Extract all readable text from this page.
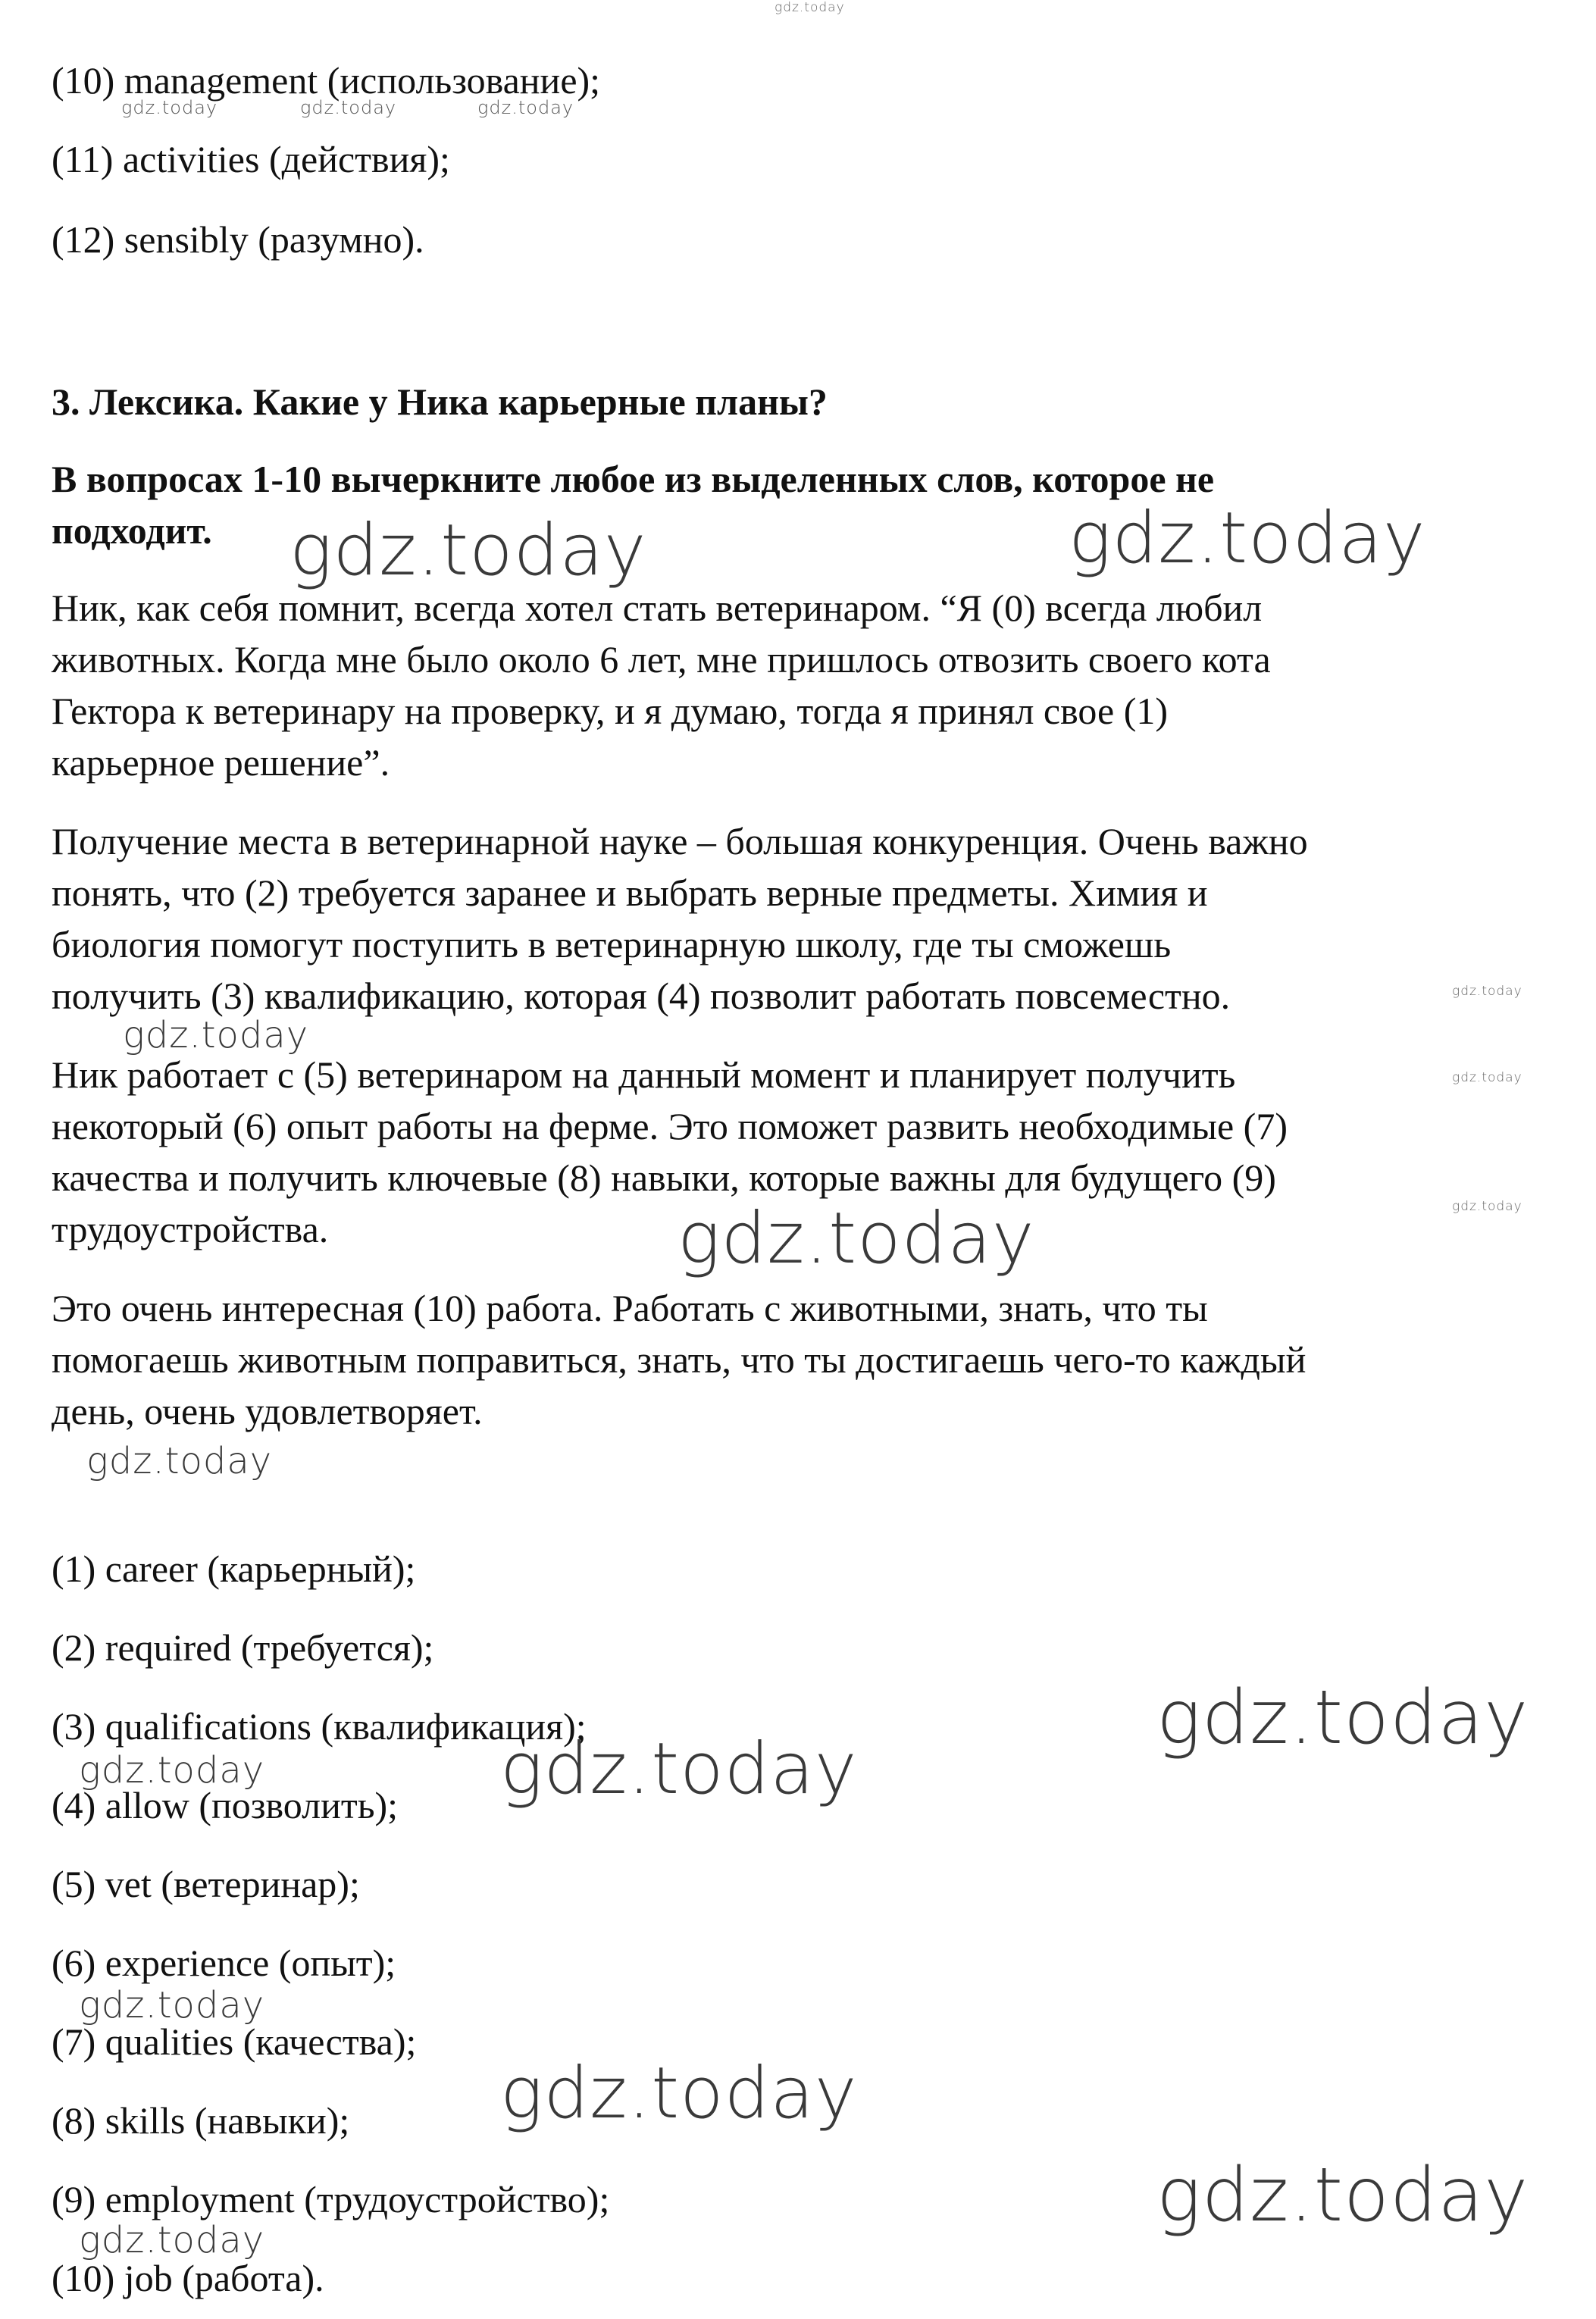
(10) management (использование);

(11) activities (действия);

(12) sensibly (разумно).

3. Лексика. Какие у Ника карьерные планы?

В вопросах 1-10 вычеркните любое из выделенных слов, которое не

подходит.

Ник, как себя помнит, всегда хотел стать ветеринаром. “Я (0) всегда любил

животных. Когда мне было около 6 лет, мне пришлось отвозить своего кота

Гектора к ветеринару на проверку, и я думаю, тогда я принял свое (1)

карьерное решение”.

Получение места в ветеринарной науке – большая конкуренция. Очень важно

понять, что (2) требуется заранее и выбрать верные предметы. Химия и

биология помогут поступить в ветеринарную школу, где ты сможешь

получить (3) квалификацию, которая (4) позволит работать повсеместно.

Ник работает с (5) ветеринаром на данный момент и планирует получить

некоторый (6) опыт работы на ферме. Это поможет развить необходимые (7)

качества и получить ключевые (8) навыки, которые важны для будущего (9)

трудоустройства.

Это очень интересная (10) работа. Работать с животными, знать, что ты

помогаешь животным поправиться, знать, что ты достигаешь чего-то каждый

день, очень удовлетворяет.

(1) career (карьерный);

(2) required (требуется);

(3) qualifications (квалификация);

(4) allow (позволить);

(5) vet (ветеринар);

(6) experience (опыт);

(7) qualities (качества);

(8) skills (навыки);

(9) employment (трудоустройство);

(10) job (работа).

gdz.today
gdz.today	gdz.today	gdz.today
gdz.today	gdz.today
gdz.today
gdz.today
gdz.today
gdz.today
gdz.today
gdz.today
gdz.today
gdz.today	gdz.today
gdz.today
gdz.today
gdz.today
gdz.today
